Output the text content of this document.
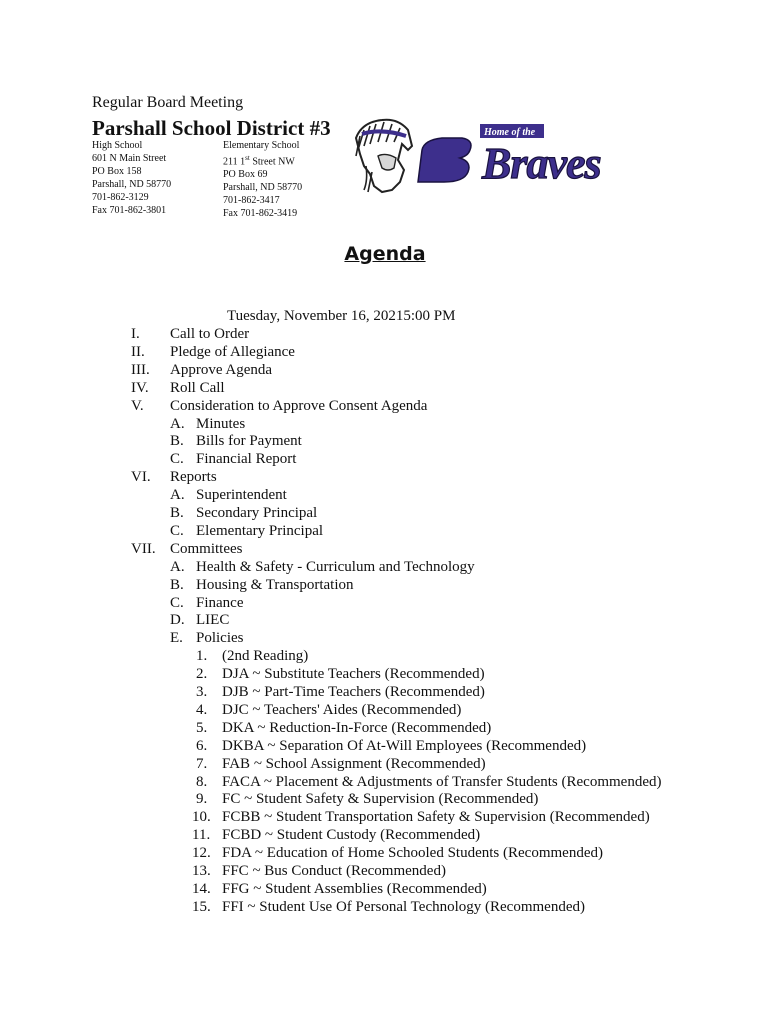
Regular Board Meeting
Parshall School District #3
High School
601 N Main Street
PO Box 158
Parshall, ND 58770
701-862-3129
Fax 701-862-3801
Elementary School
211 1st Street NW
PO Box 69
Parshall, ND 58770
701-862-3417
Fax 701-862-3419
Braves
Home of the
Agenda
Tuesday, November 16, 20215:00 PM
I. Call to Order
II. Pledge of Allegiance
III. Approve Agenda
IV. Roll Call
V. Consideration to Approve Consent Agenda
A. Minutes
B. Bills for Payment
C. Financial Report
VI. Reports
A. Superintendent
B. Secondary Principal
C. Elementary Principal
VII. Committees
A. Health & Safety - Curriculum and Technology
B. Housing & Transportation
C. Finance
D. LIEC
E. Policies
1. (2nd Reading)
2. DJA ~ Substitute Teachers (Recommended)
3. DJB ~ Part-Time Teachers (Recommended)
4. DJC ~ Teachers' Aides (Recommended)
5. DKA ~ Reduction-In-Force (Recommended)
6. DKBA ~ Separation Of At-Will Employees (Recommended)
7. FAB ~ School Assignment (Recommended)
8. FACA ~ Placement & Adjustments of Transfer Students (Recommended)
9. FC ~ Student Safety & Supervision (Recommended)
10. FCBB ~ Student Transportation Safety & Supervision (Recommended)
11. FCBD ~ Student Custody (Recommended)
12. FDA ~ Education of Home Schooled Students (Recommended)
13. FFC ~ Bus Conduct (Recommended)
14. FFG ~ Student Assemblies (Recommended)
15. FFI ~ Student Use Of Personal Technology (Recommended)
